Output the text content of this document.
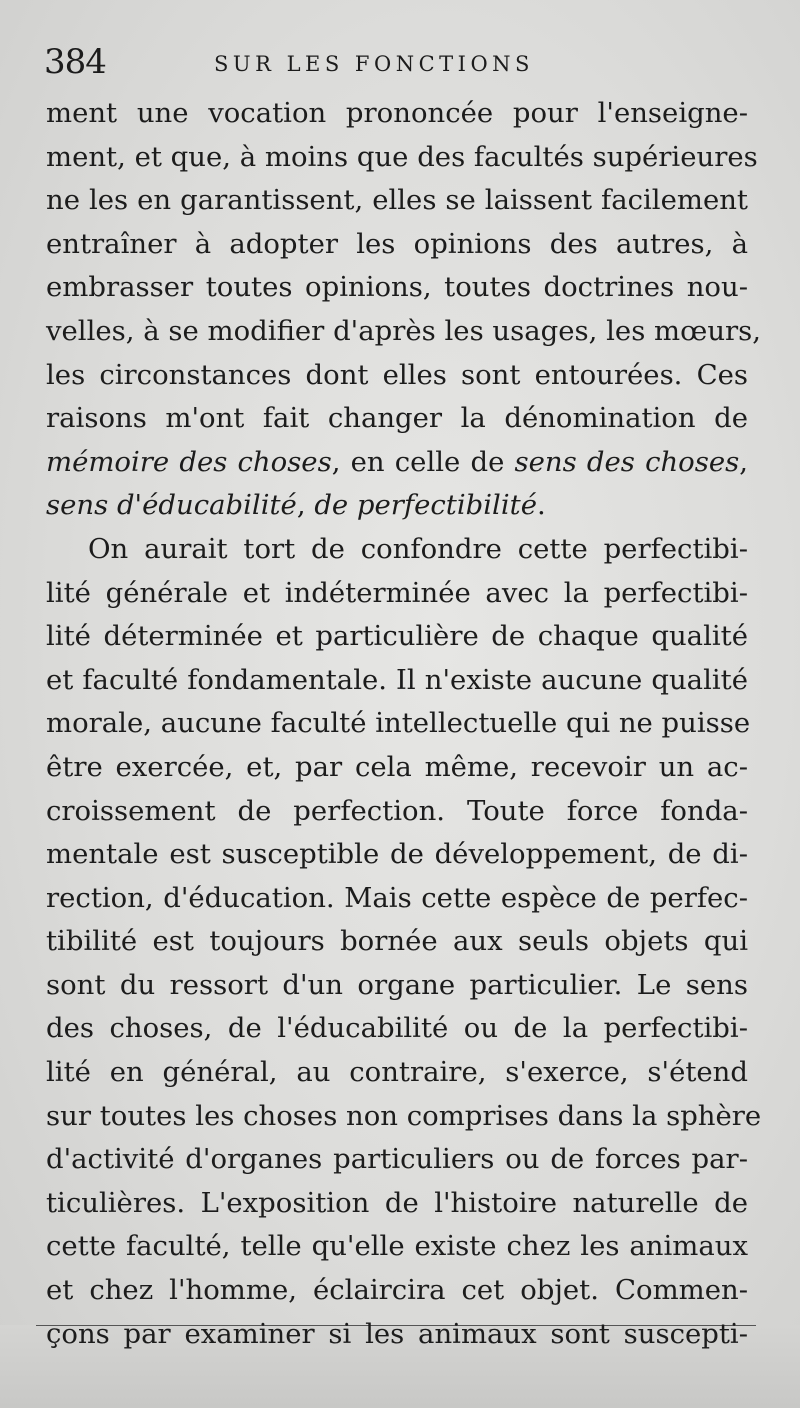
384	SUR LES FONCTIONS
ment une vocation prononcée pour l'enseigne-
ment, et que, à moins que des facultés supérieures
ne les en garantissent, elles se laissent facilement
entraîner à adopter les opinions des autres, à
embrasser toutes opinions, toutes doctrines nou-
velles, à se modifier d'après les usages, les mœurs,
les circonstances dont elles sont entourées. Ces
raisons m'ont fait changer la dénomination de
mémoire des choses, en celle de sens des choses,
sens d'éducabilité, de perfectibilité.
On aurait tort de confondre cette perfectibi-
lité générale et indéterminée avec la perfectibi-
lité déterminée et particulière de chaque qualité
et faculté fondamentale. Il n'existe aucune qualité
morale, aucune faculté intellectuelle qui ne puisse
être exercée, et, par cela même, recevoir un ac-
croissement de perfection. Toute force fonda-
mentale est susceptible de développement, de di-
rection, d'éducation. Mais cette espèce de perfec-
tibilité est toujours bornée aux seuls objets qui
sont du ressort d'un organe particulier. Le sens
des choses, de l'éducabilité ou de la perfectibi-
lité en général, au contraire, s'exerce, s'étend
sur toutes les choses non comprises dans la sphère
d'activité d'organes particuliers ou de forces par-
ticulières. L'exposition de l'histoire naturelle de
cette faculté, telle qu'elle existe chez les animaux
et chez l'homme, éclaircira cet objet. Commen-
çons par examiner si les animaux sont suscepti-
